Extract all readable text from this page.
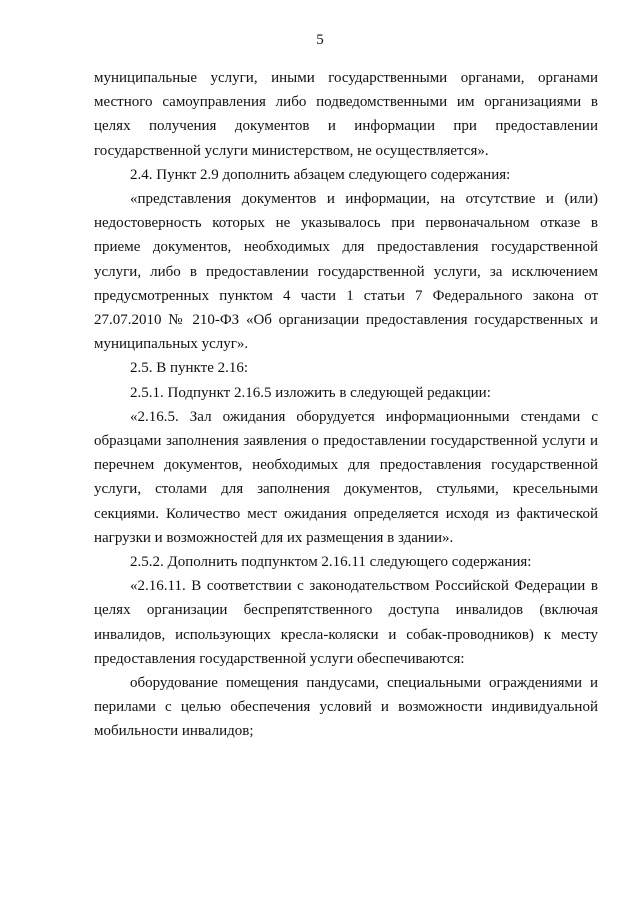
5

муниципальные услуги, иными государственными органами, органами местного самоуправления либо подведомственными им организациями в целях получения документов и информации при предоставлении государственной услуги министерством, не осуществляется».

2.4. Пункт 2.9 дополнить абзацем следующего содержания:

«представления документов и информации, на отсутствие и (или) недостоверность которых не указывалось при первоначальном отказе в приеме документов, необходимых для предоставления государственной услуги, либо в предоставлении государственной услуги, за исключением предусмотренных пунктом 4 части 1 статьи 7 Федерального закона от 27.07.2010 № 210-ФЗ «Об организации предоставления государственных и муниципальных услуг».

2.5. В пункте 2.16:

2.5.1. Подпункт 2.16.5 изложить в следующей редакции:

«2.16.5. Зал ожидания оборудуется информационными стендами с образцами заполнения заявления о предоставлении государственной услуги и перечнем документов, необходимых для предоставления государственной услуги, столами для заполнения документов, стульями, кресельными секциями. Количество мест ожидания определяется исходя из фактической нагрузки и возможностей для их размещения в здании».

2.5.2. Дополнить подпунктом 2.16.11 следующего содержания:

«2.16.11. В соответствии с законодательством Российской Федерации в целях организации беспрепятственного доступа инвалидов (включая инвалидов, использующих кресла-коляски и собак-проводников) к месту предоставления государственной услуги обеспечиваются:

оборудование помещения пандусами, специальными ограждениями и перилами с целью обеспечения условий и возможности индивидуальной мобильности инвалидов;
